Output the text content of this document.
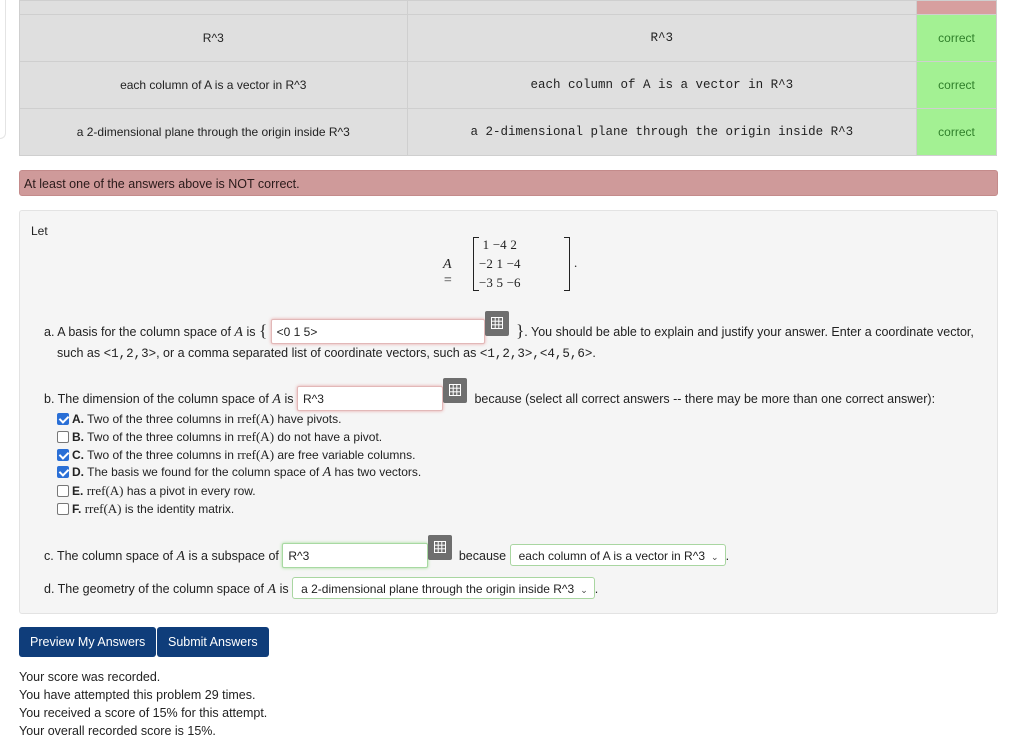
R^3	R^3	correct
each column of A is a vector in R^3	each column of A is a vector in R^3	correct
a 2-dimensional plane through the origin inside R^3	a 2-dimensional plane through the origin inside R^3	correct
At least one of the answers above is NOT correct.
Let
A =
1	−4	2
−2	1	−4
−3	5	−6
.
a. A basis for the column space of A is { <0 1 5>	}. You should be able to explain and justify your answer. Enter a coordinate vector,
such as <1,2,3>, or a comma separated list of coordinate vectors, such as <1,2,3>,<4,5,6>.
b. The dimension of the column space of A is R^3	because (select all correct answers -- there may be more than one correct answer):
A. Two of the three columns in rref(A) have pivots.
B. Two of the three columns in rref(A) do not have a pivot.
C. Two of the three columns in rref(A) are free variable columns.
D. The basis we found for the column space of A has two vectors.
E. rref(A) has a pivot in every row.
F. rref(A) is the identity matrix.
c. The column space of A is a subspace of R^3	because each column of A is a vector in R^3 ⌄ .
d. The geometry of the column space of A is a 2-dimensional plane through the origin inside R^3 ⌄ .
Preview My Answers	Submit Answers
Your score was recorded.
You have attempted this problem 29 times.
You received a score of 15% for this attempt.
Your overall recorded score is 15%.
